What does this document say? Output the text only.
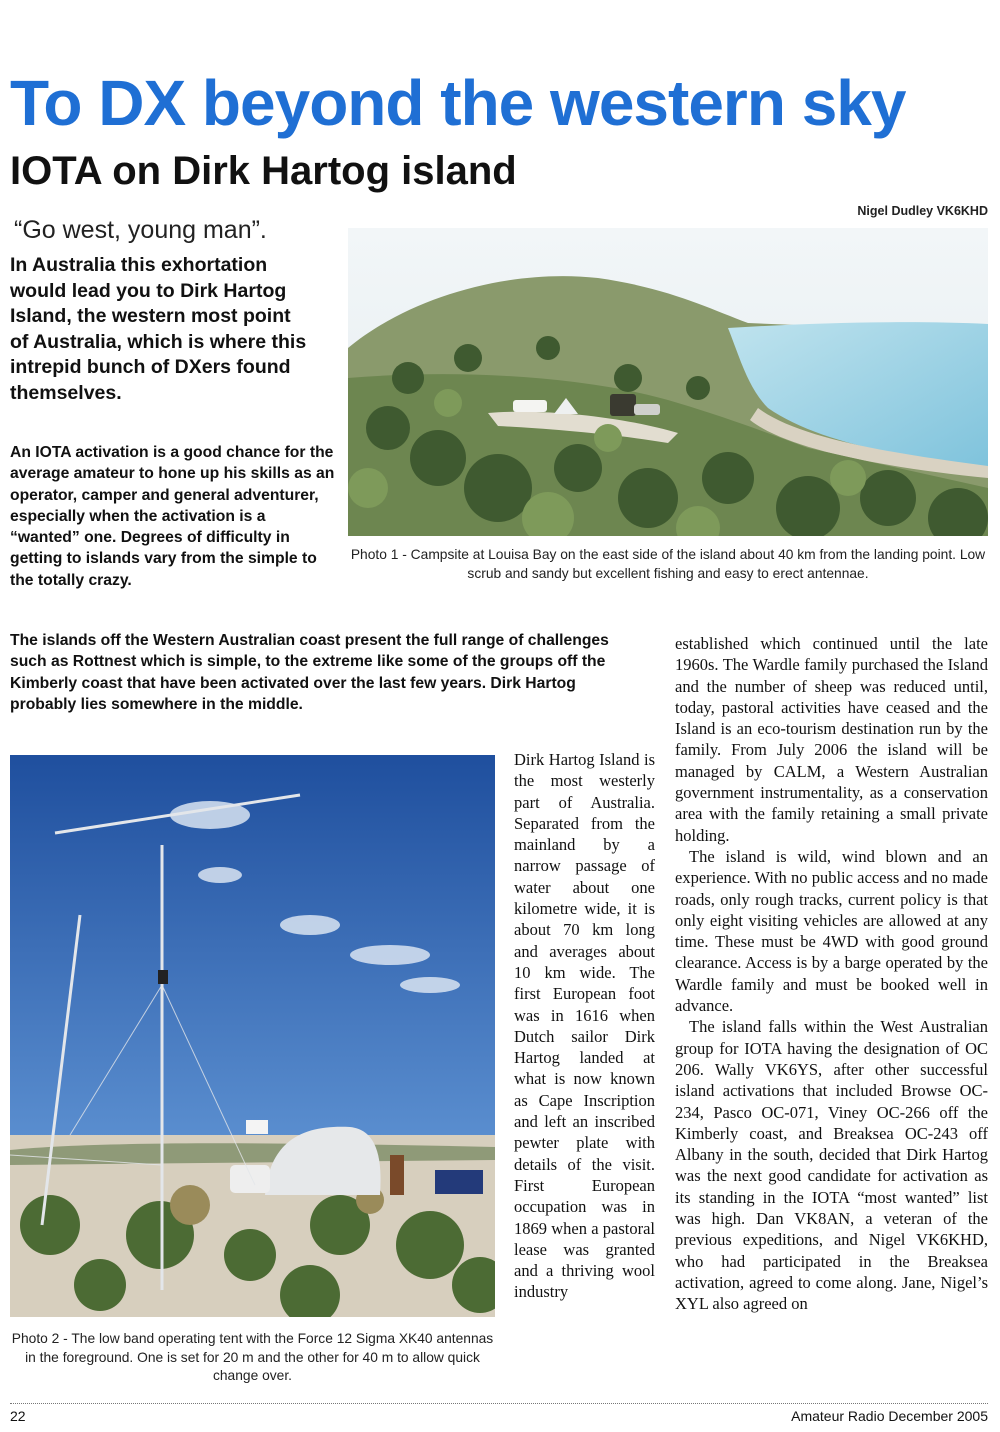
To DX beyond the western sky
IOTA on Dirk Hartog island
Nigel Dudley VK6KHD
“Go west, young man”.
In Australia this exhortation would lead you to Dirk Hartog Island, the western most point of Australia, which is where this intrepid bunch of DXers found themselves.
An IOTA activation is a good chance for the average amateur to hone up his skills as an operator, camper and general adventurer, especially when the activation is a “wanted” one. Degrees of difficulty in getting to islands vary from the simple to the totally crazy.
The islands off the Western Australian coast present the full range of challenges such as Rottnest which is simple, to the extreme like some of the groups off the Kimberly coast that have been activated over the last few years. Dirk Hartog probably lies somewhere in the middle.
Photo 1 - Campsite at Louisa Bay on the east side of the island about 40 km from the landing point. Low scrub and sandy but excellent fishing and easy to erect antennae.
Photo 2 - The low band operating tent with the Force 12 Sigma XK40 antennas in the foreground. One is set for 20 m and the other for 40 m to allow quick change over.

Dirk Hartog Island is the most westerly part of Australia. Separated from the mainland by a narrow passage of water about one kilometre wide, it is about 70 km long and averages about 10 km wide. The first European foot was in 1616 when Dutch sailor Dirk Hartog landed at what is now known as Cape Inscription and left an inscribed pewter plate with details of the visit. First European occupation was in 1869 when a pastoral lease was granted and a thriving wool industry

established which continued until the late 1960s. The Wardle family purchased the Island and the number of sheep was reduced until, today, pastoral activities have ceased and the Island is an eco-tourism destination run by the family. From July 2006 the island will be managed by CALM, a Western Australian government instrumentality, as a conservation area with the family retaining a small private holding.

The island is wild, wind blown and an experience. With no public access and no made roads, only rough tracks, current policy is that only eight visiting vehicles are allowed at any time. These must be 4WD with good ground clearance. Access is by a barge operated by the Wardle family and must be booked well in advance.

The island falls within the West Australian group for IOTA having the designation of OC 206. Wally VK6YS, after other successful island activations that included Browse OC-234, Pasco OC-071, Viney OC-266 off the Kimberly coast, and Breaksea OC-243 off Albany in the south, decided that Dirk Hartog was the next good candidate for activation as its standing in the IOTA “most wanted” list was high. Dan VK8AN, a veteran of the previous expeditions, and Nigel VK6KHD, who had participated in the Breaksea activation, agreed to come along. Jane, Nigel’s XYL also agreed on

22	Amateur Radio December 2005
